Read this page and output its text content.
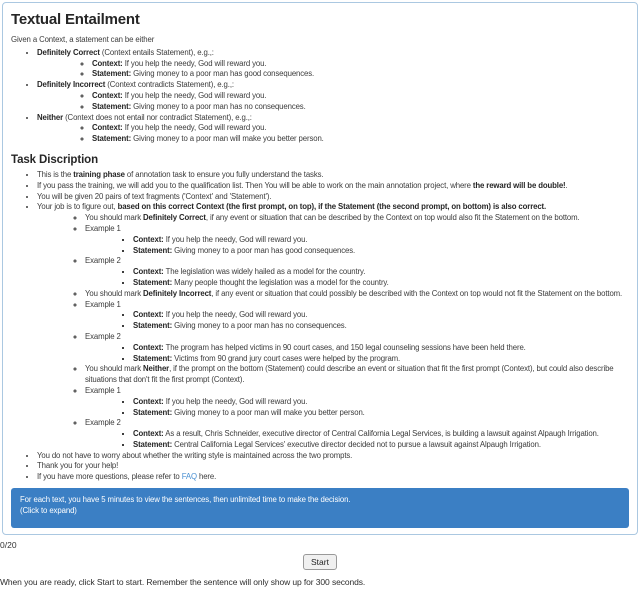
Textual Entailment

Given a Context, a statement can be either

• Definitely Correct (Context entails Statement), e.g.,:
◦ Context: If you help the needy, God will reward you.
◦ Statement: Giving money to a poor man has good consequences.
• Definitely Incorrect (Context contradicts Statement), e.g.,:
◦ Context: If you help the needy, God will reward you.
◦ Statement: Giving money to a poor man has no consequences.
• Neither (Context does not entail nor contradict Statement), e.g.,:
◦ Context: If you help the needy, God will reward you.
◦ Statement: Giving money to a poor man will make you better person.
Task Discription
• This is the training phase of annotation task to ensure you fully understand the tasks.
• If you pass the training, we will add you to the qualification list. Then You will be able to work on the main annotation project, where the reward will be double!.
• You will be given 20 pairs of text fragments ('Context' and 'Statement').
• Your job is to figure out, based on this correct Context (the first prompt, on top), if the Statement (the second prompt, on bottom) is also correct.
◦ You should mark Definitely Correct, if any event or situation that can be described by the Context on top would also fit the Statement on the bottom.
◦ Example 1
▪ Context: If you help the needy, God will reward you.
▪ Statement: Giving money to a poor man has good consequences.
◦ Example 2
▪ Context: The legislation was widely hailed as a model for the country.
▪ Statement: Many people thought the legislation was a model for the country.
◦ You should mark Definitely Incorrect, if any event or situation that could possibly be described with the Context on top would not fit the Statement on the bottom.
◦ Example 1
▪ Context: If you help the needy, God will reward you.
▪ Statement: Giving money to a poor man has no consequences.
◦ Example 2
▪ Context: The program has helped victims in 90 court cases, and 150 legal counseling sessions have been held there.
▪ Statement: Victims from 90 grand jury court cases were helped by the program.
◦ You should mark Neither, if the prompt on the bottom (Statement) could describe an event or situation that fit the first prompt (Context), but could also describe situations that don't fit the first prompt (Context).
◦ Example 1
▪ Context: If you help the needy, God will reward you.
▪ Statement: Giving money to a poor man will make you better person.
◦ Example 2
▪ Context: As a result, Chris Schneider, executive director of Central California Legal Services, is building a lawsuit against Alpaugh Irrigation.
▪ Statement: Central California Legal Services' executive director decided not to pursue a lawsuit against Alpaugh Irrigation.
• You do not have to worry about whether the writing style is maintained across the two prompts.
• Thank you for your help!
• If you have more questions, please refer to FAQ here.
For each text, you have 5 minutes to view the sentences, then unlimited time to make the decision.
(Click to expand)
0/20
Start
When you are ready, click Start to start. Remember the sentence will only show up for 300 seconds.
